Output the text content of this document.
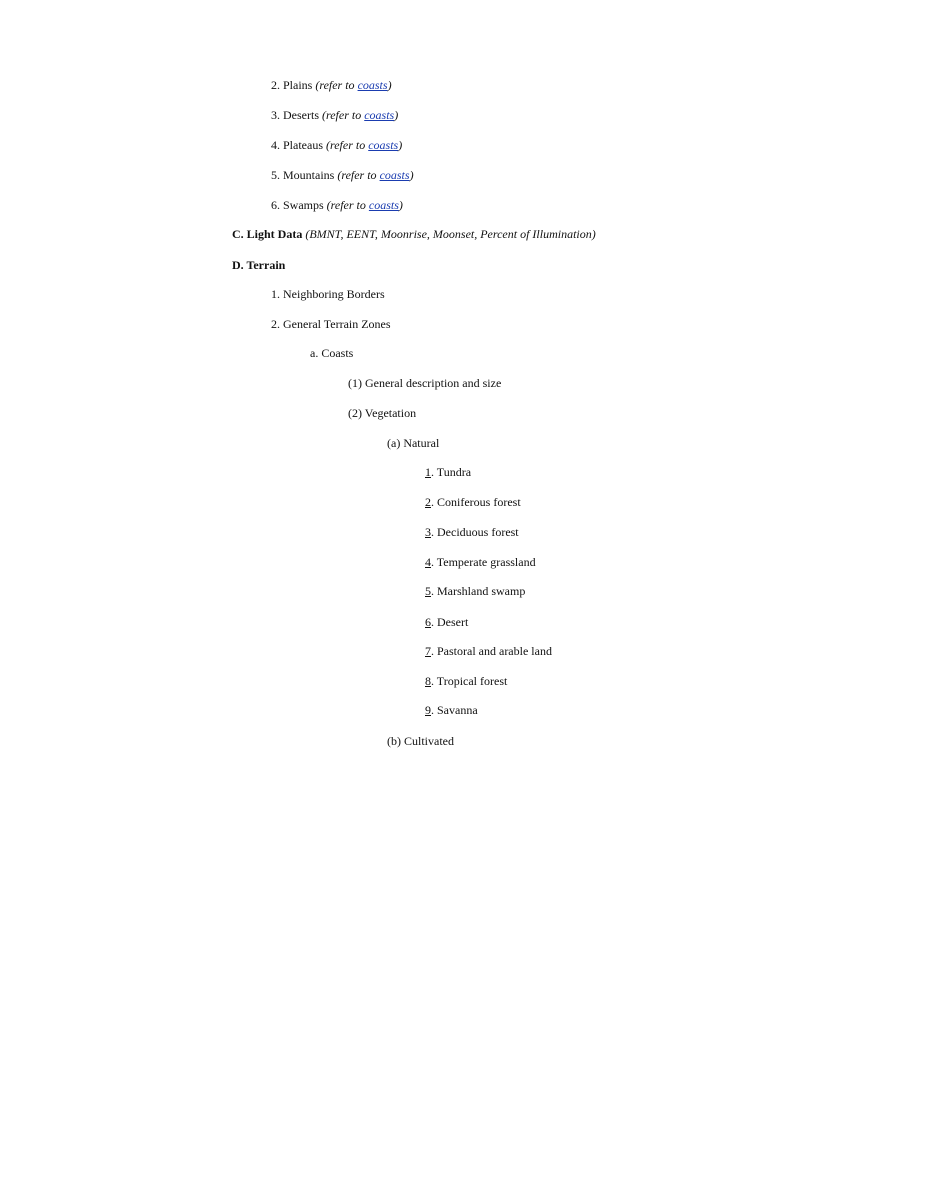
2. Plains (refer to coasts)
3. Deserts (refer to coasts)
4. Plateaus (refer to coasts)
5. Mountains (refer to coasts)
6. Swamps (refer to coasts)
C. Light Data (BMNT, EENT, Moonrise, Moonset, Percent of Illumination)
D. Terrain
1. Neighboring Borders
2. General Terrain Zones
a. Coasts
(1) General description and size
(2) Vegetation
(a) Natural
1. Tundra
2. Coniferous forest
3. Deciduous forest
4. Temperate grassland
5. Marshland swamp
6. Desert
7. Pastoral and arable land
8. Tropical forest
9. Savanna
(b) Cultivated
